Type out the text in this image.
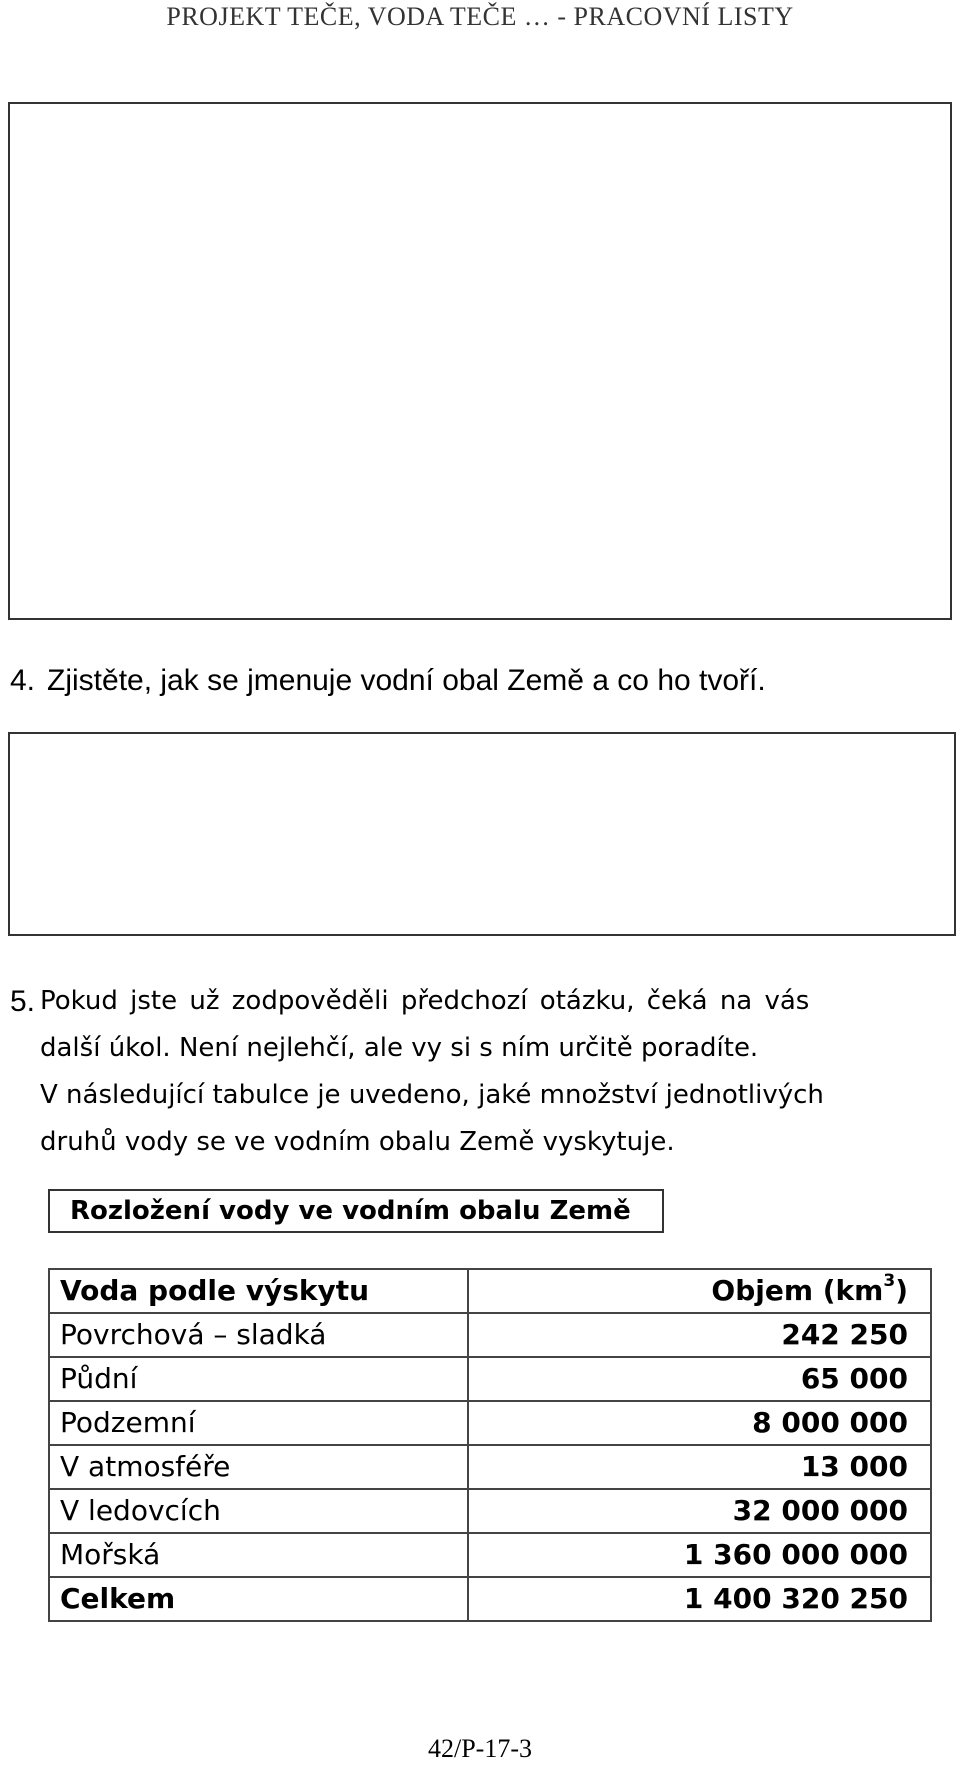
PROJEKT TEČE, VODA TEČE … - PRACOVNÍ LISTY
4. Zjistěte, jak se jmenuje vodní obal Země a co ho tvoří.
5. Pokud jste už zodpověděli předchozí otázku, čeká na vás
další úkol. Není nejlehčí, ale vy si s ním určitě poradíte.
V následující tabulce je uvedeno, jaké množství jednotlivých
druhů vody se ve vodním obalu Země vyskytuje.
Rozložení vody ve vodním obalu Země
Voda podle výskytu	Objem $(km^3)$
Povrchová – sladká	242 250
Půdní	65 000
Podzemní	8 000 000
V atmosféře	13 000
V ledovcích	32 000 000
Mořská	1 360 000 000
Celkem	1 400 320 250
42/P-17-3
